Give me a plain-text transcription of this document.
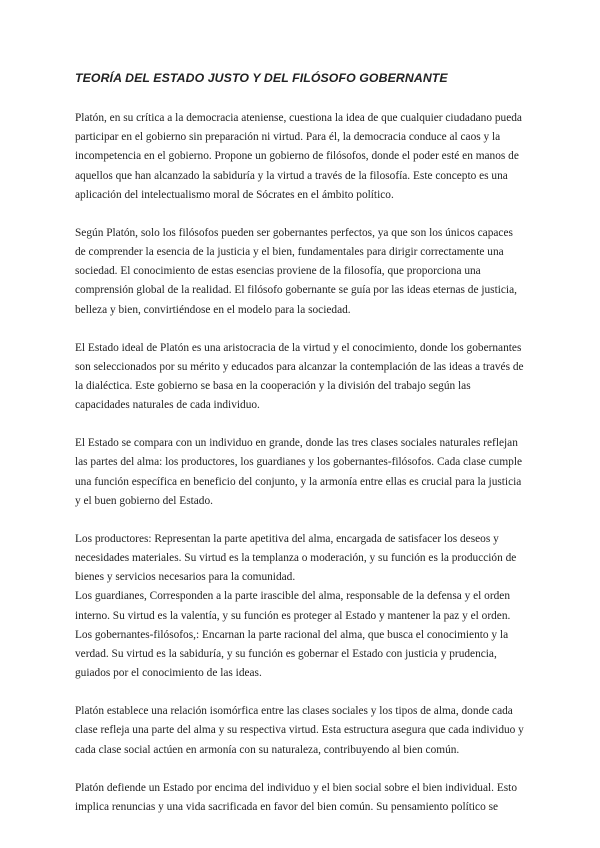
TEORÍA DEL ESTADO JUSTO Y DEL FILÓSOFO GOBERNANTE

Platón, en su crítica a la democracia ateniense, cuestiona la idea de que cualquier ciudadano pueda participar en el gobierno sin preparación ni virtud. Para él, la democracia conduce al caos y la incompetencia en el gobierno. Propone un gobierno de filósofos, donde el poder esté en manos de aquellos que han alcanzado la sabiduría y la virtud a través de la filosofía. Este concepto es una aplicación del intelectualismo moral de Sócrates en el ámbito político.

Según Platón, solo los filósofos pueden ser gobernantes perfectos, ya que son los únicos capaces de comprender la esencia de la justicia y el bien, fundamentales para dirigir correctamente una sociedad. El conocimiento de estas esencias proviene de la filosofía, que proporciona una comprensión global de la realidad. El filósofo gobernante se guía por las ideas eternas de justicia, belleza y bien, convirtiéndose en el modelo para la sociedad.

El Estado ideal de Platón es una aristocracia de la virtud y el conocimiento, donde los gobernantes son seleccionados por su mérito y educados para alcanzar la contemplación de las ideas a través de la dialéctica. Este gobierno se basa en la cooperación y la división del trabajo según las capacidades naturales de cada individuo.

El Estado se compara con un individuo en grande, donde las tres clases sociales naturales reflejan las partes del alma: los productores, los guardianes y los gobernantes-filósofos. Cada clase cumple una función específica en beneficio del conjunto, y la armonía entre ellas es crucial para la justicia y el buen gobierno del Estado.

Los productores: Representan la parte apetitiva del alma, encargada de satisfacer los deseos y necesidades materiales. Su virtud es la templanza o moderación, y su función es la producción de bienes y servicios necesarios para la comunidad.

Los guardianes, Corresponden a la parte irascible del alma, responsable de la defensa y el orden interno. Su virtud es la valentía, y su función es proteger al Estado y mantener la paz y el orden.

Los gobernantes-filósofos,: Encarnan la parte racional del alma, que busca el conocimiento y la verdad. Su virtud es la sabiduría, y su función es gobernar el Estado con justicia y prudencia, guiados por el conocimiento de las ideas.

Platón establece una relación isomórfica entre las clases sociales y los tipos de alma, donde cada clase refleja una parte del alma y su respectiva virtud. Esta estructura asegura que cada individuo y cada clase social actúen en armonía con su naturaleza, contribuyendo al bien común.

Platón defiende un Estado por encima del individuo y el bien social sobre el bien individual. Esto implica renuncias y una vida sacrificada en favor del bien común. Su pensamiento político se
